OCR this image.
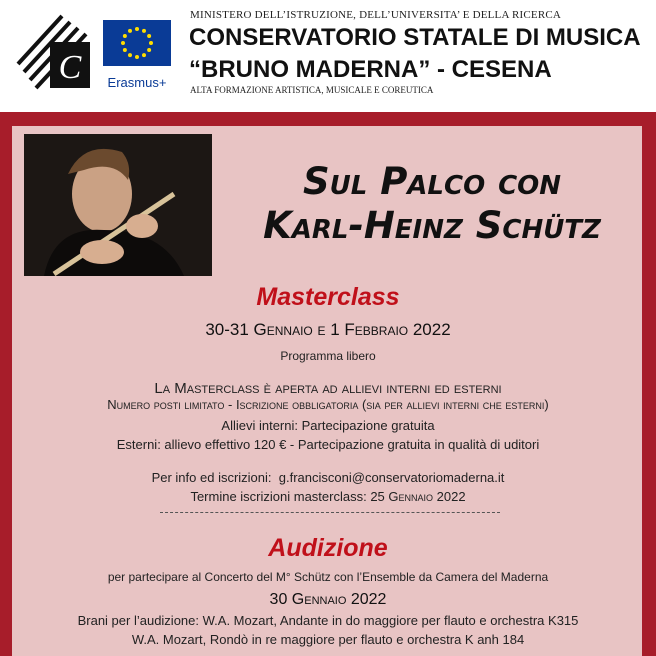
C	Erasmus+
MINISTERO DELL’ISTRUZIONE, DELL’UNIVERSITA’ E DELLA RICERCA
CONSERVATORIO STATALE DI MUSICA
“BRUNO MADERNA” - CESENA
ALTA FORMAZIONE ARTISTICA, MUSICALE E COREUTICA
Sul Palco con
Karl-Heinz Schütz
Masterclass
30-31 Gennaio e 1 Febbraio 2022
Programma libero
La Masterclass è aperta ad allievi interni ed esterni
Numero posti limitato - Iscrizione obbligatoria (sia per allievi interni che esterni)
Allievi interni: Partecipazione gratuita
Esterni: allievo effettivo 120 € - Partecipazione gratuita in qualità di uditori
Per info ed iscrizioni: g.francisconi@conservatoriomaderna.it
Termine iscrizioni masterclass: 25 Gennaio 2022
Audizione
per partecipare al Concerto del M° Schütz con l’Ensemble da Camera del Maderna
30 Gennaio 2022
Brani per l’audizione: W.A. Mozart, Andante in do maggiore per flauto e orchestra K315
W.A. Mozart, Rondò in re maggiore per flauto e orchestra K anh 184
